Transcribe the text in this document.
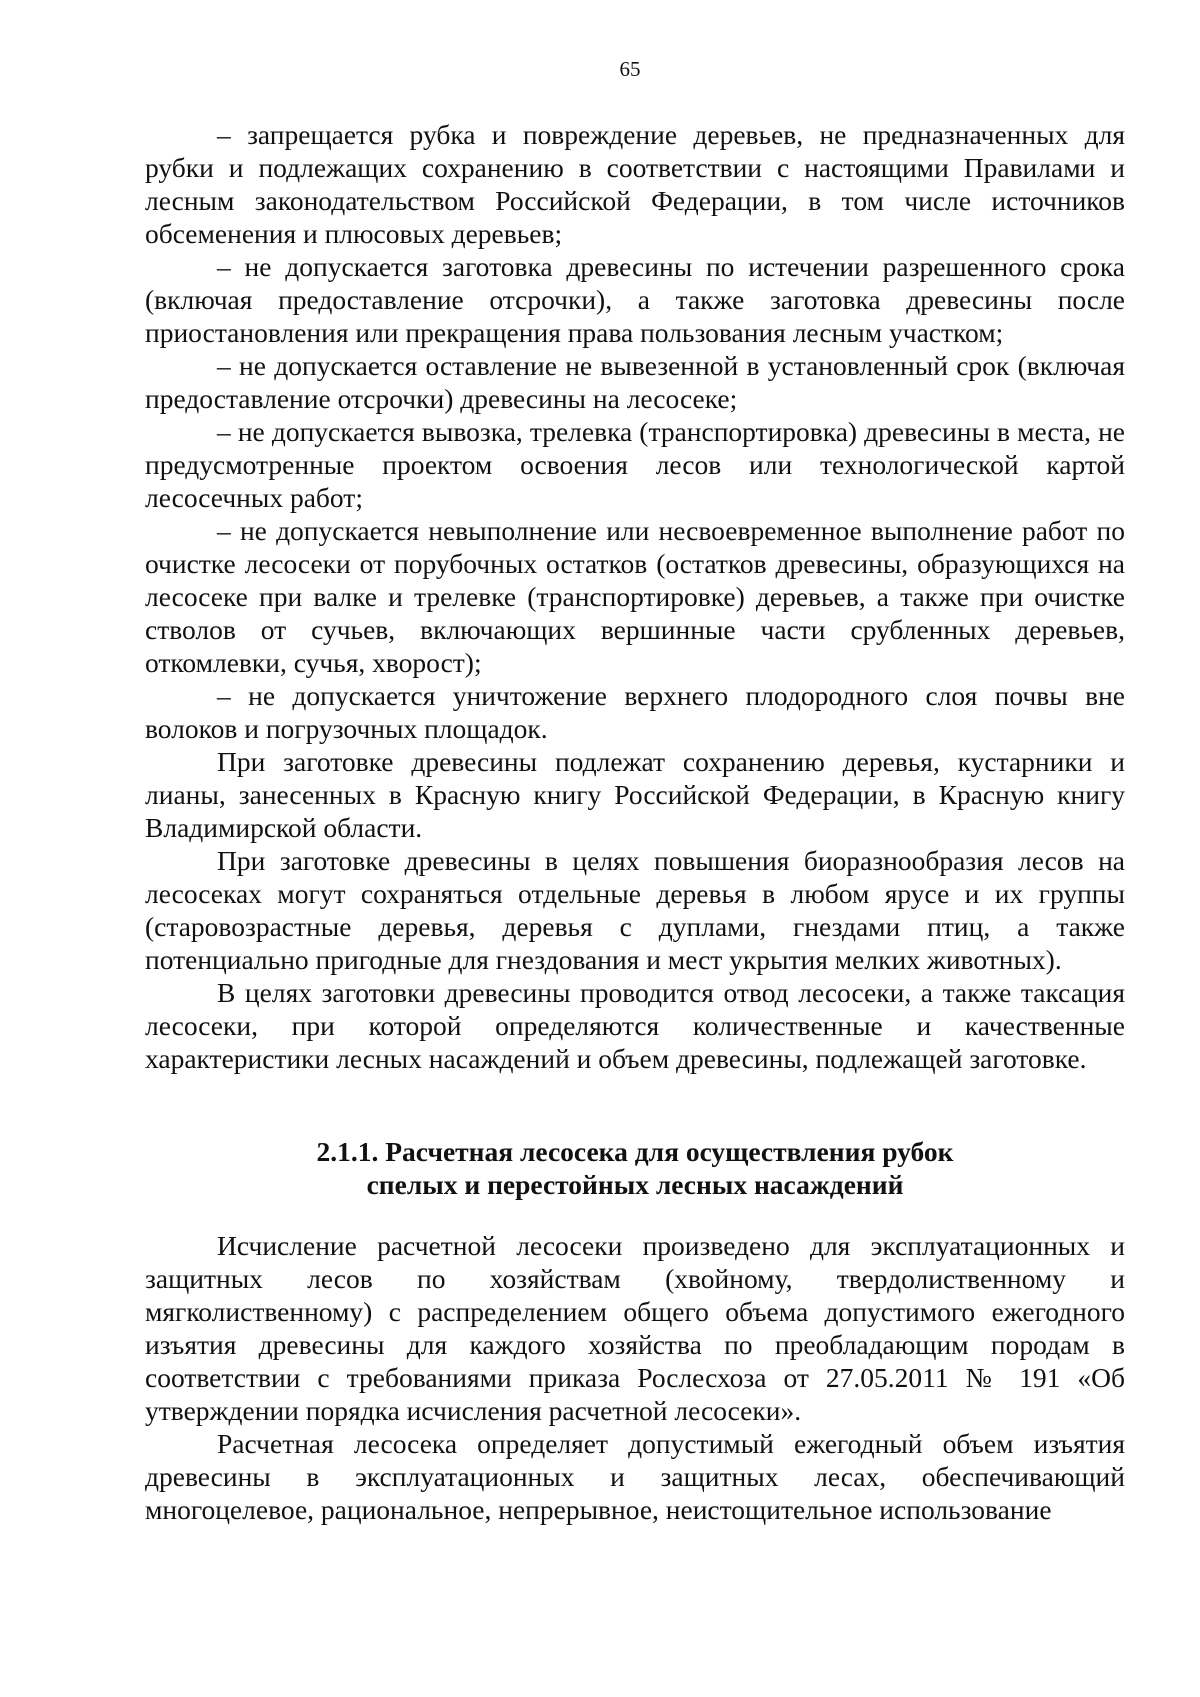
65

– запрещается рубка и повреждение деревьев, не предназначенных для рубки и подлежащих сохранению в соответствии с настоящими Правилами и лесным законодательством Российской Федерации, в том числе источников обсеменения и плюсовых деревьев;

– не допускается заготовка древесины по истечении разрешенного срока (включая предоставление отсрочки), а также заготовка древесины после приостановления или прекращения права пользования лесным участком;

– не допускается оставление не вывезенной в установленный срок (включая предоставление отсрочки) древесины на лесосеке;

– не допускается вывозка, трелевка (транспортировка) древесины в места, не предусмотренные проектом освоения лесов или технологической картой лесосечных работ;

– не допускается невыполнение или несвоевременное выполнение работ по очистке лесосеки от порубочных остатков (остатков древесины, образующихся на лесосеке при валке и трелевке (транспортировке) деревьев, а также при очистке стволов от сучьев, включающих вершинные части срубленных деревьев, откомлевки, сучья, хворост);

– не допускается уничтожение верхнего плодородного слоя почвы вне волоков и погрузочных площадок.

При заготовке древесины подлежат сохранению деревья, кустарники и лианы, занесенных в Красную книгу Российской Федерации, в Красную книгу Владимирской области.

При заготовке древесины в целях повышения биоразнообразия лесов на лесосеках могут сохраняться отдельные деревья в любом ярусе и их группы (старовозрастные деревья, деревья с дуплами, гнездами птиц, а также потенциально пригодные для гнездования и мест укрытия мелких животных).

В целях заготовки древесины проводится отвод лесосеки, а также таксация лесосеки, при которой определяются количественные и качественные характеристики лесных насаждений и объем древесины, подлежащей заготовке.

2.1.1. Расчетная лесосека для осуществления рубок
спелых и перестойных лесных насаждений

Исчисление расчетной лесосеки произведено для эксплуатационных и защитных лесов по хозяйствам (хвойному, твердолиственному и мягколиственному) с распределением общего объема допустимого ежегодного изъятия древесины для каждого хозяйства по преобладающим породам в соответствии с требованиями приказа Рослесхоза от 27.05.2011 № 191 «Об утверждении порядка исчисления расчетной лесосеки».

Расчетная лесосека определяет допустимый ежегодный объем изъятия древесины в эксплуатационных и защитных лесах, обеспечивающий многоцелевое, рациональное, непрерывное, неистощительное использование
